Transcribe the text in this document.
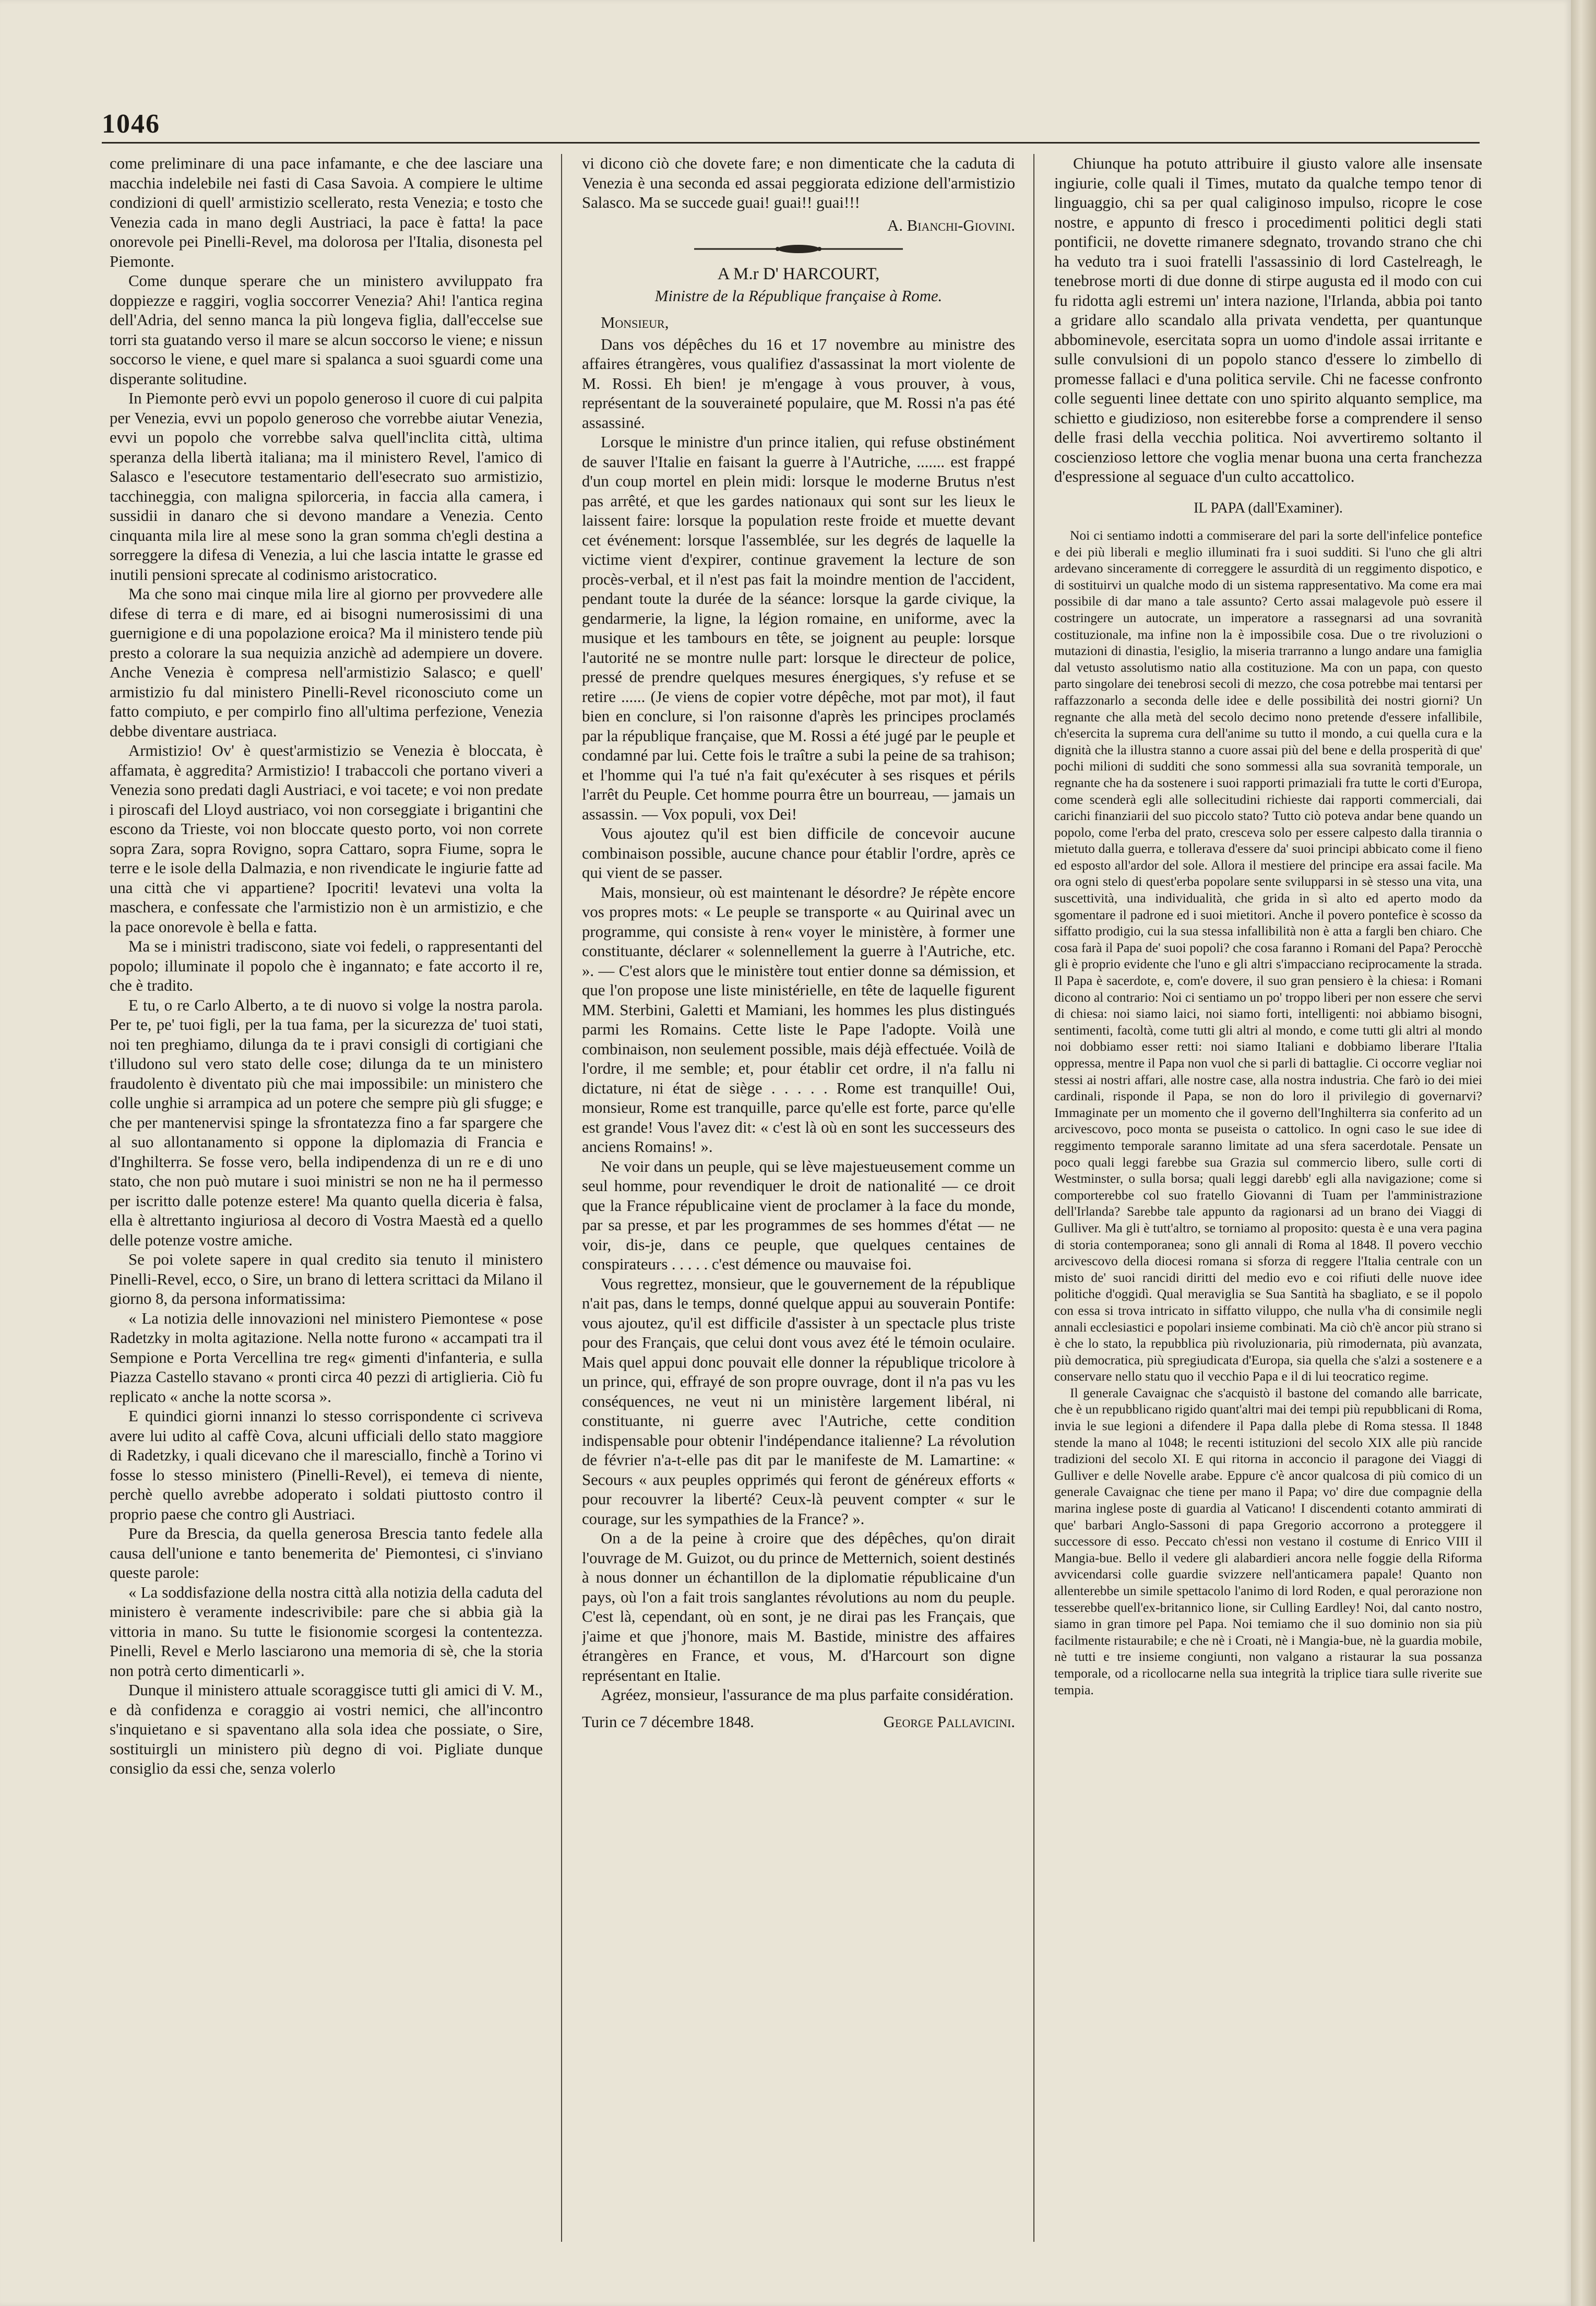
1046

come preliminare di una pace infamante, e che dee lasciare una macchia indelebile nei fasti di Casa Savoia. A compiere le ultime condizioni di quell' armistizio scellerato, resta Venezia; e tosto che Venezia cada in mano degli Austriaci, la pace è fatta! la pace onorevole pei Pinelli-Revel, ma dolorosa per l'Italia, disonesta pel Piemonte.

Come dunque sperare che un ministero avviluppato fra doppiezze e raggiri, voglia soccorrer Venezia? Ahi! l'antica regina dell'Adria, del senno manca la più longeva figlia, dall'eccelse sue torri sta guatando verso il mare se alcun soccorso le viene; e nissun soccorso le viene, e quel mare si spalanca a suoi sguardi come una disperante solitudine.

In Piemonte però evvi un popolo generoso il cuore di cui palpita per Venezia, evvi un popolo generoso che vorrebbe aiutar Venezia, evvi un popolo che vorrebbe salva quell'inclita città, ultima speranza della libertà italiana; ma il ministero Revel, l'amico di Salasco e l'esecutore testamentario dell'esecrato suo armistizio, tacchineggia, con maligna spilorceria, in faccia alla camera, i sussidii in danaro che si devono mandare a Venezia. Cento cinquanta mila lire al mese sono la gran somma ch'egli destina a sorreggere la difesa di Venezia, a lui che lascia intatte le grasse ed inutili pensioni sprecate al codinismo aristocratico.

Ma che sono mai cinque mila lire al giorno per provvedere alle difese di terra e di mare, ed ai bisogni numerosissimi di una guernigione e di una popolazione eroica? Ma il ministero tende più presto a colorare la sua nequizia anzichè ad adempiere un dovere. Anche Venezia è compresa nell'armistizio Salasco; e quell' armistizio fu dal ministero Pinelli-Revel riconosciuto come un fatto compiuto, e per compirlo fino all'ultima perfezione, Venezia debbe diventare austriaca.

Armistizio! Ov' è quest'armistizio se Venezia è bloccata, è affamata, è aggredita? Armistizio! I trabaccoli che portano viveri a Venezia sono predati dagli Austriaci, e voi tacete; e voi non predate i piroscafi del Lloyd austriaco, voi non corseggiate i brigantini che escono da Trieste, voi non bloccate questo porto, voi non correte sopra Zara, sopra Rovigno, sopra Cattaro, sopra Fiume, sopra le terre e le isole della Dalmazia, e non rivendicate le ingiurie fatte ad una città che vi appartiene? Ipocriti! levatevi una volta la maschera, e confessate che l'armistizio non è un armistizio, e che la pace onorevole è bella e fatta.

Ma se i ministri tradiscono, siate voi fedeli, o rappresentanti del popolo; illuminate il popolo che è ingannato; e fate accorto il re, che è tradito.

E tu, o re Carlo Alberto, a te di nuovo si volge la nostra parola. Per te, pe' tuoi figli, per la tua fama, per la sicurezza de' tuoi stati, noi ten preghiamo, dilunga da te i pravi consigli di cortigiani che t'illudono sul vero stato delle cose; dilunga da te un ministero fraudolento è diventato più che mai impossibile: un ministero che colle unghie si arrampica ad un potere che sempre più gli sfugge; e che per mantenervisi spinge la sfrontatezza fino a far spargere che al suo allontanamento si oppone la diplomazia di Francia e d'Inghilterra. Se fosse vero, bella indipendenza di un re e di uno stato, che non può mutare i suoi ministri se non ne ha il permesso per iscritto dalle potenze estere! Ma quanto quella diceria è falsa, ella è altrettanto ingiuriosa al decoro di Vostra Maestà ed a quello delle potenze vostre amiche.

Se poi volete sapere in qual credito sia tenuto il ministero Pinelli-Revel, ecco, o Sire, un brano di lettera scrittaci da Milano il giorno 8, da persona informatissima:

« La notizia delle innovazioni nel ministero Piemontese « pose Radetzky in molta agitazione. Nella notte furono « accampati tra il Sempione e Porta Vercellina tre reg« gimenti d'infanteria, e sulla Piazza Castello stavano « pronti circa 40 pezzi di artiglieria. Ciò fu replicato « anche la notte scorsa ».

E quindici giorni innanzi lo stesso corrispondente ci scriveva avere lui udito al caffè Cova, alcuni ufficiali dello stato maggiore di Radetzky, i quali dicevano che il maresciallo, finchè a Torino vi fosse lo stesso ministero (Pinelli-Revel), ei temeva di niente, perchè quello avrebbe adoperato i soldati piuttosto contro il proprio paese che contro gli Austriaci.

Pure da Brescia, da quella generosa Brescia tanto fedele alla causa dell'unione e tanto benemerita de' Piemontesi, ci s'inviano queste parole:

« La soddisfazione della nostra città alla notizia della caduta del ministero è veramente indescrivibile: pare che si abbia già la vittoria in mano. Su tutte le fisionomie scorgesi la contentezza. Pinelli, Revel e Merlo lasciarono una memoria di sè, che la storia non potrà certo dimenticarli ».

Dunque il ministero attuale scoraggisce tutti gli amici di V. M., e dà confidenza e coraggio ai vostri nemici, che all'incontro s'inquietano e si spaventano alla sola idea che possiate, o Sire, sostituirgli un ministero più degno di voi. Pigliate dunque consiglio da essi che, senza volerlo

vi dicono ciò che dovete fare; e non dimenticate che la caduta di Venezia è una seconda ed assai peggiorata edizione dell'armistizio Salasco. Ma se succede guai! guai!! guai!!!

A. Bianchi-Giovini.
A M.r D' HARCOURT,
Ministre de la République française à Rome.
Monsieur,

Dans vos dépêches du 16 et 17 novembre au ministre des affaires étrangères, vous qualifiez d'assassinat la mort violente de M. Rossi. Eh bien! je m'engage à vous prouver, à vous, représentant de la souveraineté populaire, que M. Rossi n'a pas été assassiné.

Lorsque le ministre d'un prince italien, qui refuse obstinément de sauver l'Italie en faisant la guerre à l'Autriche, ....... est frappé d'un coup mortel en plein midi: lorsque le moderne Brutus n'est pas arrêté, et que les gardes nationaux qui sont sur les lieux le laissent faire: lorsque la population reste froide et muette devant cet événement: lorsque l'assemblée, sur les degrés de laquelle la victime vient d'expirer, continue gravement la lecture de son procès-verbal, et il n'est pas fait la moindre mention de l'accident, pendant toute la durée de la séance: lorsque la garde civique, la gendarmerie, la ligne, la légion romaine, en uniforme, avec la musique et les tambours en tête, se joignent au peuple: lorsque l'autorité ne se montre nulle part: lorsque le directeur de police, pressé de prendre quelques mesures énergiques, s'y refuse et se retire ...... (Je viens de copier votre dépêche, mot par mot), il faut bien en conclure, si l'on raisonne d'après les principes proclamés par la république française, que M. Rossi a été jugé par le peuple et condamné par lui. Cette fois le traître a subi la peine de sa trahison; et l'homme qui l'a tué n'a fait qu'exécuter à ses risques et périls l'arrêt du Peuple. Cet homme pourra être un bourreau, — jamais un assassin. — Vox populi, vox Dei!

Vous ajoutez qu'il est bien difficile de concevoir aucune combinaison possible, aucune chance pour établir l'ordre, après ce qui vient de se passer.

Mais, monsieur, où est maintenant le désordre? Je répète encore vos propres mots: « Le peuple se transporte « au Quirinal avec un programme, qui consiste à ren« voyer le ministère, à former une constituante, déclarer « solennellement la guerre à l'Autriche, etc. ». — C'est alors que le ministère tout entier donne sa démission, et que l'on propose une liste ministérielle, en tête de laquelle figurent MM. Sterbini, Galetti et Mamiani, les hommes les plus distingués parmi les Romains. Cette liste le Pape l'adopte. Voilà une combinaison, non seulement possible, mais déjà effectuée. Voilà de l'ordre, il me semble; et, pour établir cet ordre, il n'a fallu ni dictature, ni état de siège . . . . . Rome est tranquille! Oui, monsieur, Rome est tranquille, parce qu'elle est forte, parce qu'elle est grande! Vous l'avez dit: « c'est là où en sont les successeurs des anciens Romains! ».

Ne voir dans un peuple, qui se lève majestueusement comme un seul homme, pour revendiquer le droit de nationalité — ce droit que la France républicaine vient de proclamer à la face du monde, par sa presse, et par les programmes de ses hommes d'état — ne voir, dis-je, dans ce peuple, que quelques centaines de conspirateurs . . . . . c'est démence ou mauvaise foi.

Vous regrettez, monsieur, que le gouvernement de la république n'ait pas, dans le temps, donné quelque appui au souverain Pontife: vous ajoutez, qu'il est difficile d'assister à un spectacle plus triste pour des Français, que celui dont vous avez été le témoin oculaire. Mais quel appui donc pouvait elle donner la république tricolore à un prince, qui, effrayé de son propre ouvrage, dont il n'a pas vu les conséquences, ne veut ni un ministère largement libéral, ni constituante, ni guerre avec l'Autriche, cette condition indispensable pour obtenir l'indépendance italienne? La révolution de février n'a-t-elle pas dit par le manifeste de M. Lamartine: « Secours « aux peuples opprimés qui feront de généreux efforts « pour recouvrer la liberté? Ceux-là peuvent compter « sur le courage, sur les sympathies de la France? ».

On a de la peine à croire que des dépêches, qu'on dirait l'ouvrage de M. Guizot, ou du prince de Metternich, soient destinés à nous donner un échantillon de la diplomatie républicaine d'un pays, où l'on a fait trois sanglantes révolutions au nom du peuple. C'est là, cependant, où en sont, je ne dirai pas les Français, que j'aime et que j'honore, mais M. Bastide, ministre des affaires étrangères en France, et vous, M. d'Harcourt son digne représentant en Italie.

Agréez, monsieur, l'assurance de ma plus parfaite considération.

Turin ce 7 décembre 1848.	George Pallavicini.

Chiunque ha potuto attribuire il giusto valore alle insensate ingiurie, colle quali il Times, mutato da qualche tempo tenor di linguaggio, chi sa per qual caliginoso impulso, ricopre le cose nostre, e appunto di fresco i procedimenti politici degli stati pontificii, ne dovette rimanere sdegnato, trovando strano che chi ha veduto tra i suoi fratelli l'assassinio di lord Castelreagh, le tenebrose morti di due donne di stirpe augusta ed il modo con cui fu ridotta agli estremi un' intera nazione, l'Irlanda, abbia poi tanto a gridare allo scandalo alla privata vendetta, per quantunque abbominevole, esercitata sopra un uomo d'indole assai irritante e sulle convulsioni di un popolo stanco d'essere lo zimbello di promesse fallaci e d'una politica servile. Chi ne facesse confronto colle seguenti linee dettate con uno spirito alquanto semplice, ma schietto e giudizioso, non esiterebbe forse a comprendere il senso delle frasi della vecchia politica. Noi avvertiremo soltanto il coscienzioso lettore che voglia menar buona una certa franchezza d'espressione al seguace d'un culto accattolico.

IL PAPA (dall'Examiner).

Noi ci sentiamo indotti a commiserare del pari la sorte dell'infelice pontefice e dei più liberali e meglio illuminati fra i suoi sudditi. Si l'uno che gli altri ardevano sinceramente di correggere le assurdità di un reggimento dispotico, e di sostituirvi un qualche modo di un sistema rappresentativo. Ma come era mai possibile di dar mano a tale assunto? Certo assai malagevole può essere il costringere un autocrate, un imperatore a rassegnarsi ad una sovranità costituzionale, ma infine non la è impossibile cosa. Due o tre rivoluzioni o mutazioni di dinastia, l'esiglio, la miseria trarranno a lungo andare una famiglia dal vetusto assolutismo natio alla costituzione. Ma con un papa, con questo parto singolare dei tenebrosi secoli di mezzo, che cosa potrebbe mai tentarsi per raffazzonarlo a seconda delle idee e delle possibilità dei nostri giorni? Un regnante che alla metà del secolo decimo nono pretende d'essere infallibile, ch'esercita la suprema cura dell'anime su tutto il mondo, a cui quella cura e la dignità che la illustra stanno a cuore assai più del bene e della prosperità di que' pochi milioni di sudditi che sono sommessi alla sua sovranità temporale, un regnante che ha da sostenere i suoi rapporti primaziali fra tutte le corti d'Europa, come scenderà egli alle sollecitudini richieste dai rapporti commerciali, dai carichi finanziarii del suo piccolo stato? Tutto ciò poteva andar bene quando un popolo, come l'erba del prato, cresceva solo per essere calpesto dalla tirannia o mietuto dalla guerra, e tollerava d'essere da' suoi principi abbicato come il fieno ed esposto all'ardor del sole. Allora il mestiere del principe era assai facile. Ma ora ogni stelo di quest'erba popolare sente svilupparsi in sè stesso una vita, una suscettività, una individualità, che grida in sì alto ed aperto modo da sgomentare il padrone ed i suoi mietitori. Anche il povero pontefice è scosso da siffatto prodigio, cui la sua stessa infallibilità non è atta a fargli ben chiaro. Che cosa farà il Papa de' suoi popoli? che cosa faranno i Romani del Papa? Perocchè gli è proprio evidente che l'uno e gli altri s'impacciano reciprocamente la strada. Il Papa è sacerdote, e, com'e dovere, il suo gran pensiero è la chiesa: i Romani dicono al contrario: Noi ci sentiamo un po' troppo liberi per non essere che servi di chiesa: noi siamo laici, noi siamo forti, intelligenti: noi abbiamo bisogni, sentimenti, facoltà, come tutti gli altri al mondo, e come tutti gli altri al mondo noi dobbiamo esser retti: noi siamo Italiani e dobbiamo liberare l'Italia oppressa, mentre il Papa non vuol che si parli di battaglie. Ci occorre vegliar noi stessi ai nostri affari, alle nostre case, alla nostra industria. Che farò io dei miei cardinali, risponde il Papa, se non do loro il privilegio di governarvi? Immaginate per un momento che il governo dell'Inghilterra sia conferito ad un arcivescovo, poco monta se puseista o cattolico. In ogni caso le sue idee di reggimento temporale saranno limitate ad una sfera sacerdotale. Pensate un poco quali leggi farebbe sua Grazia sul commercio libero, sulle corti di Westminster, o sulla borsa; quali leggi darebb' egli alla navigazione; come si comporterebbe col suo fratello Giovanni di Tuam per l'amministrazione dell'Irlanda? Sarebbe tale appunto da ragionarsi ad un brano dei Viaggi di Gulliver. Ma gli è tutt'altro, se torniamo al proposito: questa è e una vera pagina di storia contemporanea; sono gli annali di Roma al 1848. Il povero vecchio arcivescovo della diocesi romana si sforza di reggere l'Italia centrale con un misto de' suoi rancidi diritti del medio evo e coi rifiuti delle nuove idee politiche d'oggidì. Qual meraviglia se Sua Santità ha sbagliato, e se il popolo con essa si trova intricato in siffatto viluppo, che nulla v'ha di consimile negli annali ecclesiastici e popolari insieme combinati. Ma ciò ch'è ancor più strano si è che lo stato, la repubblica più rivoluzionaria, più rimodernata, più avanzata, più democratica, più spregiudicata d'Europa, sia quella che s'alzi a sostenere e a conservare nello statu quo il vecchio Papa e il di lui teocratico regime.

Il generale Cavaignac che s'acquistò il bastone del comando alle barricate, che è un repubblicano rigido quant'altri mai dei tempi più repubblicani di Roma, invia le sue legioni a difendere il Papa dalla plebe di Roma stessa. Il 1848 stende la mano al 1048; le recenti istituzioni del secolo XIX alle più rancide tradizioni del secolo XI. E qui ritorna in acconcio il paragone dei Viaggi di Gulliver e delle Novelle arabe. Eppure c'è ancor qualcosa di più comico di un generale Cavaignac che tiene per mano il Papa; vo' dire due compagnie della marina inglese poste di guardia al Vaticano! I discendenti cotanto ammirati di que' barbari Anglo-Sassoni di papa Gregorio accorrono a proteggere il successore di esso. Peccato ch'essi non vestano il costume di Enrico VIII il Mangia-bue. Bello il vedere gli alabardieri ancora nelle foggie della Riforma avvicendarsi colle guardie svizzere nell'anticamera papale! Quanto non allenterebbe un simile spettacolo l'animo di lord Roden, e qual perorazione non tesserebbe quell'ex-britannico lione, sir Culling Eardley! Noi, dal canto nostro, siamo in gran timore pel Papa. Noi temiamo che il suo dominio non sia più facilmente ristaurabile; e che nè i Croati, nè i Mangia-bue, nè la guardia mobile, nè tutti e tre insieme congiunti, non valgano a ristaurar la sua possanza temporale, od a ricollocarne nella sua integrità la triplice tiara sulle riverite sue tempia.
